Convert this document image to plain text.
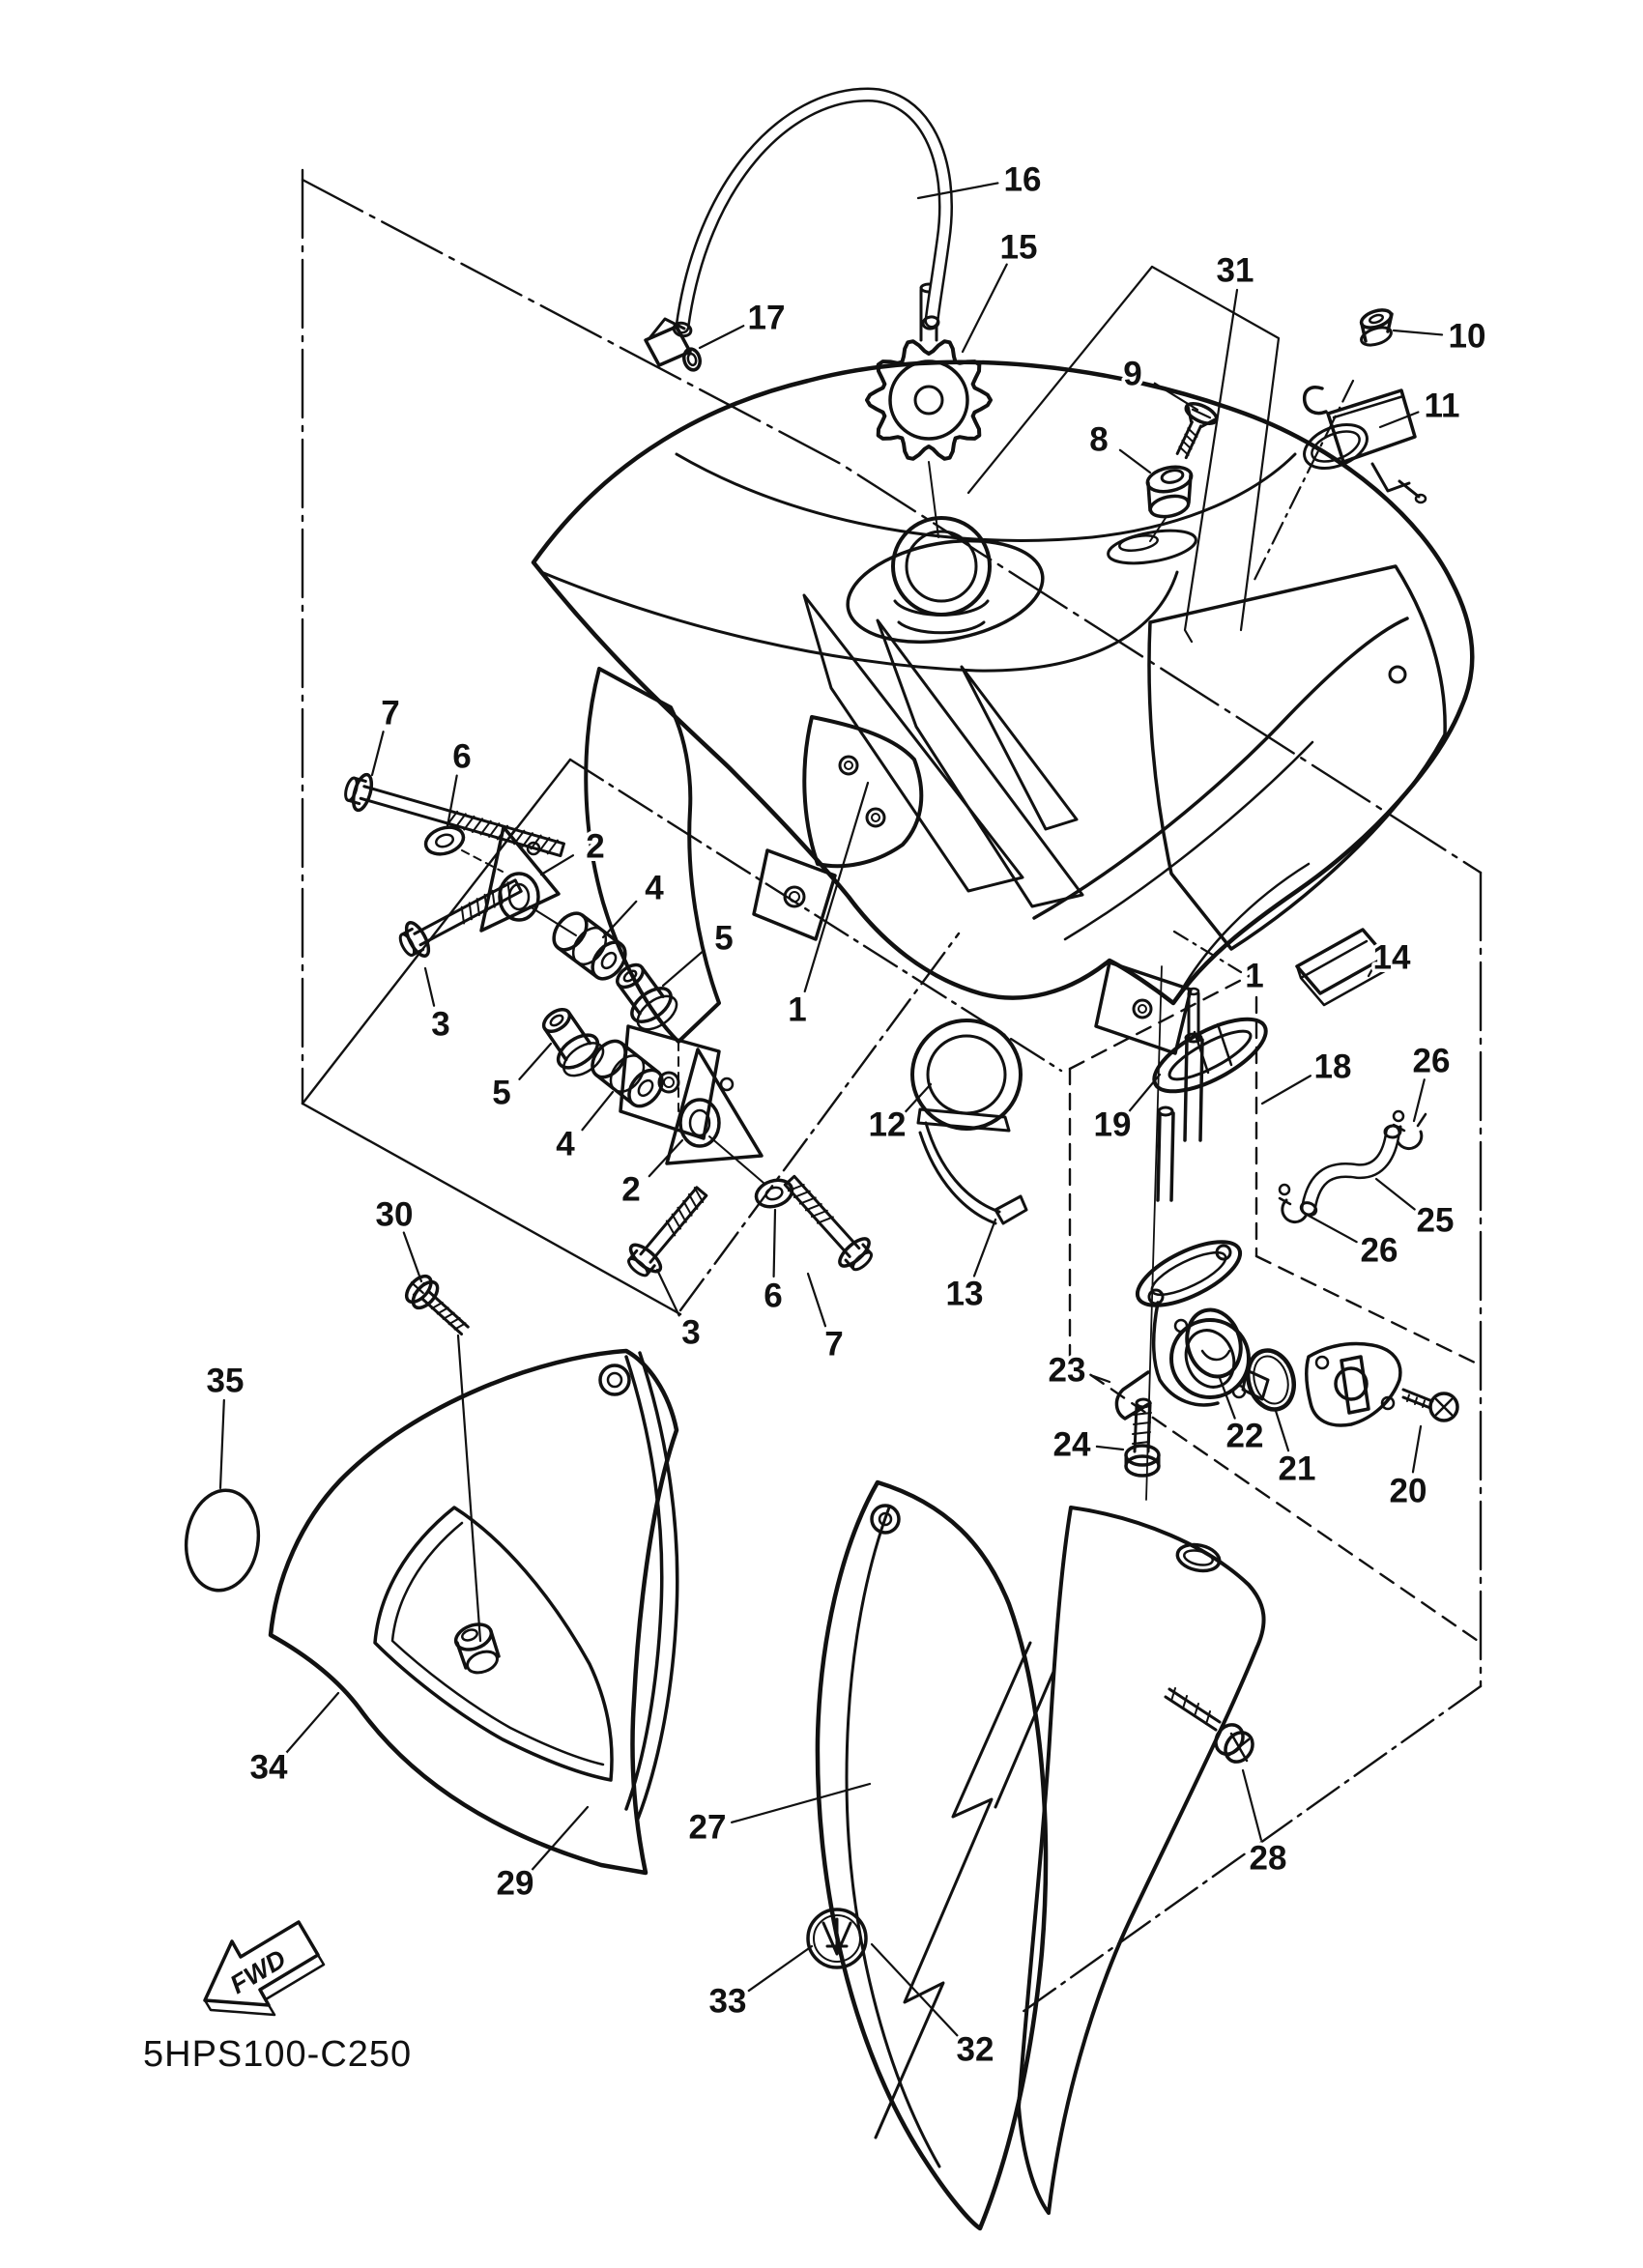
FWD
5HPS100-C250
16
15
17
31
10
9
11
8
7
6
2
4
5
3	1
1	14
12
13
19
18 26
25
26
30
5
4
2
6
3	7
23
24	22
21
20
35
34
29
27
28
33
32
